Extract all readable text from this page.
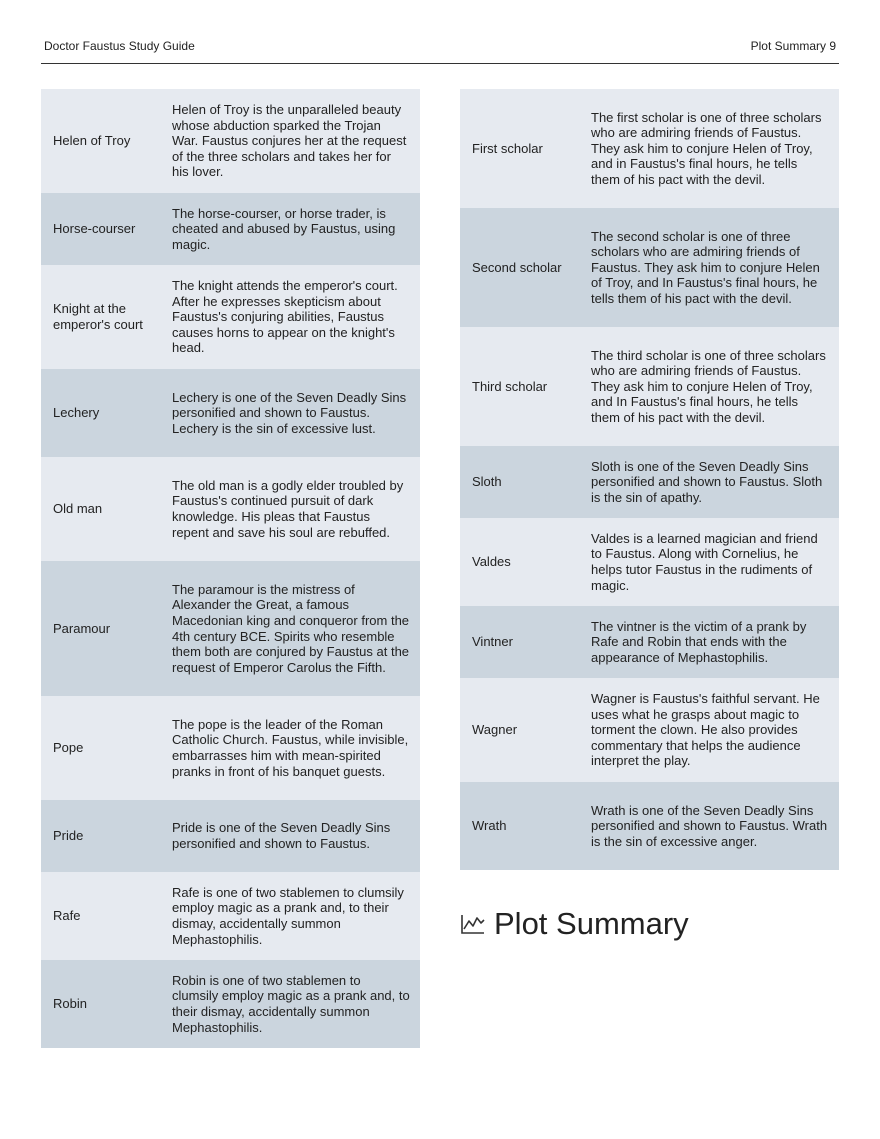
Doctor Faustus Study Guide	Plot Summary 9
Helen of Troy
Helen of Troy is the unparalleled beauty whose abduction sparked the Trojan War. Faustus conjures her at the request of the three scholars and takes her for his lover.
Horse-courser
The horse-courser, or horse trader, is cheated and abused by Faustus, using magic.
Knight at the emperor's court
The knight attends the emperor's court. After he expresses skepticism about Faustus's conjuring abilities, Faustus causes horns to appear on the knight's head.
Lechery
Lechery is one of the Seven Deadly Sins personified and shown to Faustus. Lechery is the sin of excessive lust.
Old man
The old man is a godly elder troubled by Faustus's continued pursuit of dark knowledge. His pleas that Faustus repent and save his soul are rebuffed.
Paramour
The paramour is the mistress of Alexander the Great, a famous Macedonian king and conqueror from the 4th century BCE. Spirits who resemble them both are conjured by Faustus at the request of Emperor Carolus the Fifth.
Pope
The pope is the leader of the Roman Catholic Church. Faustus, while invisible, embarrasses him with mean-spirited pranks in front of his banquet guests.
Pride
Pride is one of the Seven Deadly Sins personified and shown to Faustus.
Rafe
Rafe is one of two stablemen to clumsily employ magic as a prank and, to their dismay, accidentally summon Mephastophilis.
Robin
Robin is one of two stablemen to clumsily employ magic as a prank and, to their dismay, accidentally summon Mephastophilis.
First scholar
The first scholar is one of three scholars who are admiring friends of Faustus. They ask him to conjure Helen of Troy, and in Faustus's final hours, he tells them of his pact with the devil.
Second scholar
The second scholar is one of three scholars who are admiring friends of Faustus. They ask him to conjure Helen of Troy, and In Faustus's final hours, he tells them of his pact with the devil.
Third scholar
The third scholar is one of three scholars who are admiring friends of Faustus. They ask him to conjure Helen of Troy, and In Faustus's final hours, he tells them of his pact with the devil.
Sloth
Sloth is one of the Seven Deadly Sins personified and shown to Faustus. Sloth is the sin of apathy.
Valdes
Valdes is a learned magician and friend to Faustus. Along with Cornelius, he helps tutor Faustus in the rudiments of magic.
Vintner
The vintner is the victim of a prank by Rafe and Robin that ends with the appearance of Mephastophilis.
Wagner
Wagner is Faustus's faithful servant. He uses what he grasps about magic to torment the clown. He also provides commentary that helps the audience interpret the play.
Wrath
Wrath is one of the Seven Deadly Sins personified and shown to Faustus. Wrath is the sin of excessive anger.
Plot Summary
